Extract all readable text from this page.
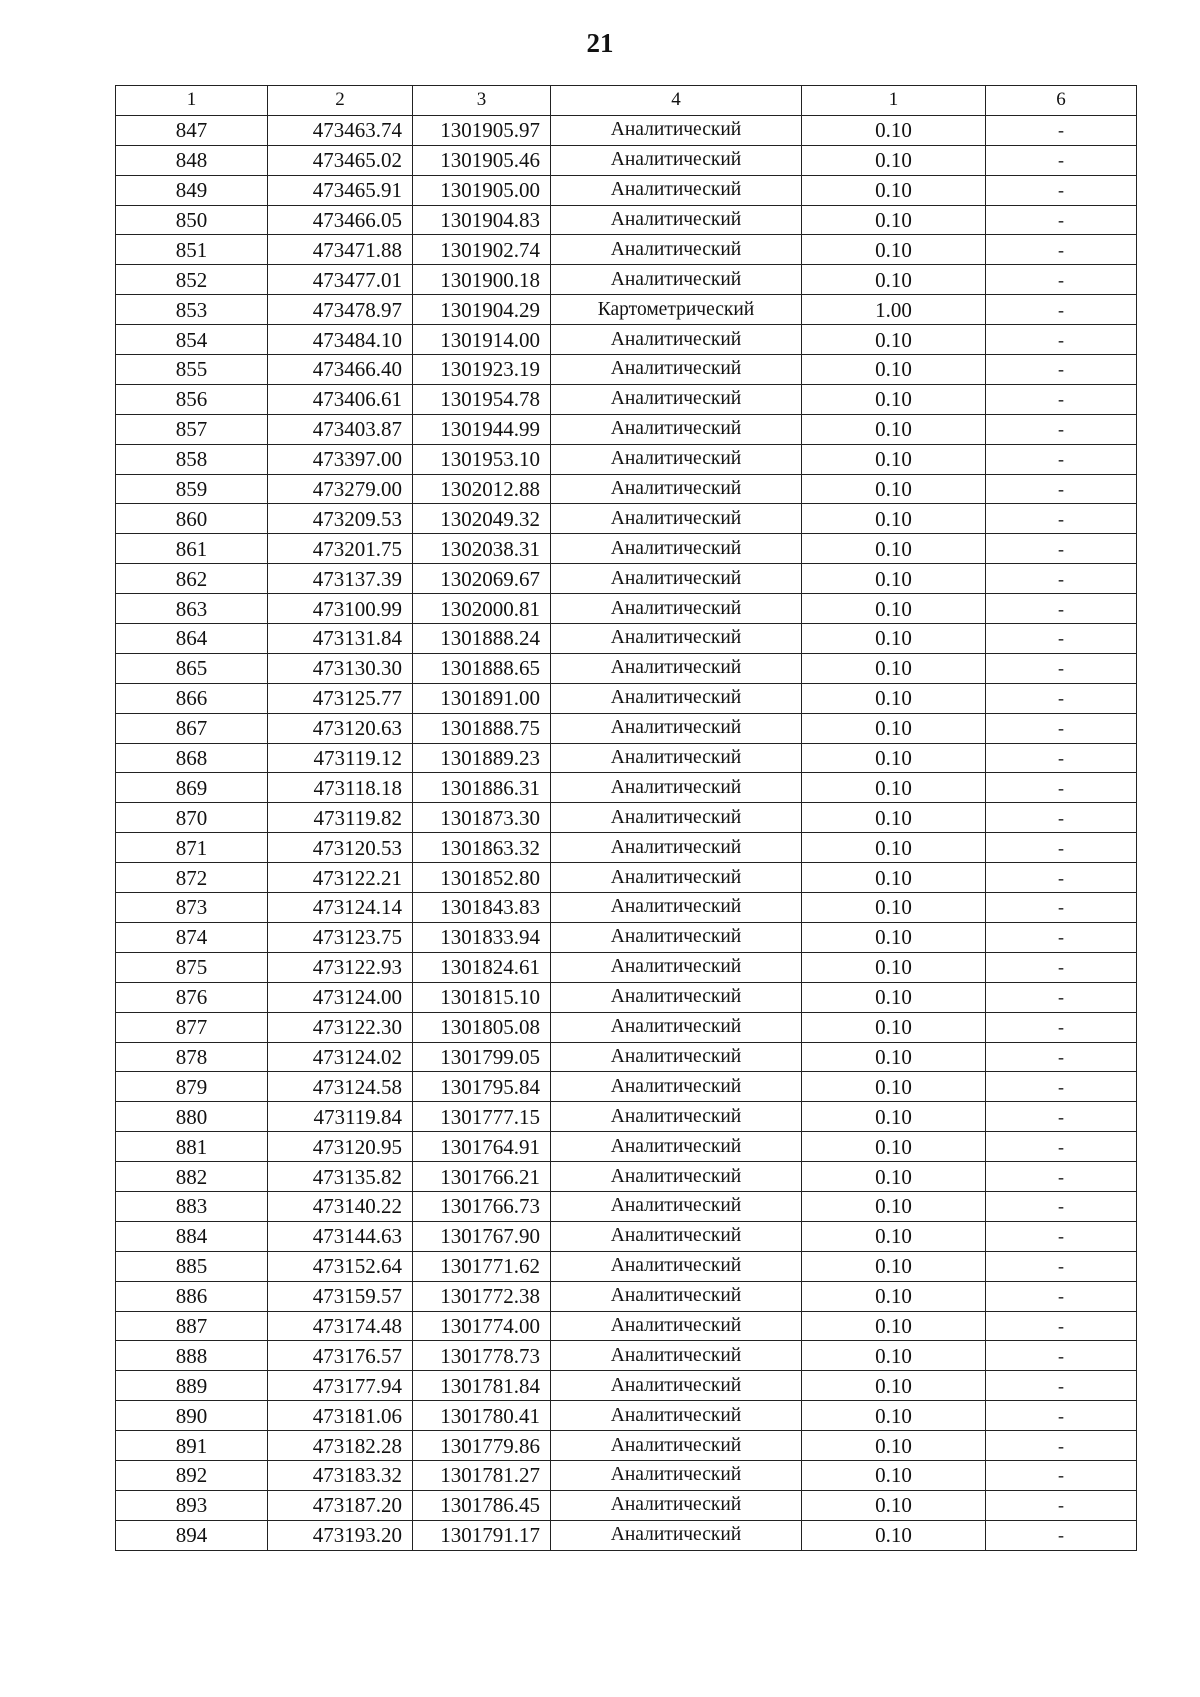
21
1	2	3	4	1	6
847	473463.74	1301905.97	Аналитический	0.10	-
848	473465.02	1301905.46	Аналитический	0.10	-
849	473465.91	1301905.00	Аналитический	0.10	-
850	473466.05	1301904.83	Аналитический	0.10	-
851	473471.88	1301902.74	Аналитический	0.10	-
852	473477.01	1301900.18	Аналитический	0.10	-
853	473478.97	1301904.29	Картометрический	1.00	-
854	473484.10	1301914.00	Аналитический	0.10	-
855	473466.40	1301923.19	Аналитический	0.10	-
856	473406.61	1301954.78	Аналитический	0.10	-
857	473403.87	1301944.99	Аналитический	0.10	-
858	473397.00	1301953.10	Аналитический	0.10	-
859	473279.00	1302012.88	Аналитический	0.10	-
860	473209.53	1302049.32	Аналитический	0.10	-
861	473201.75	1302038.31	Аналитический	0.10	-
862	473137.39	1302069.67	Аналитический	0.10	-
863	473100.99	1302000.81	Аналитический	0.10	-
864	473131.84	1301888.24	Аналитический	0.10	-
865	473130.30	1301888.65	Аналитический	0.10	-
866	473125.77	1301891.00	Аналитический	0.10	-
867	473120.63	1301888.75	Аналитический	0.10	-
868	473119.12	1301889.23	Аналитический	0.10	-
869	473118.18	1301886.31	Аналитический	0.10	-
870	473119.82	1301873.30	Аналитический	0.10	-
871	473120.53	1301863.32	Аналитический	0.10	-
872	473122.21	1301852.80	Аналитический	0.10	-
873	473124.14	1301843.83	Аналитический	0.10	-
874	473123.75	1301833.94	Аналитический	0.10	-
875	473122.93	1301824.61	Аналитический	0.10	-
876	473124.00	1301815.10	Аналитический	0.10	-
877	473122.30	1301805.08	Аналитический	0.10	-
878	473124.02	1301799.05	Аналитический	0.10	-
879	473124.58	1301795.84	Аналитический	0.10	-
880	473119.84	1301777.15	Аналитический	0.10	-
881	473120.95	1301764.91	Аналитический	0.10	-
882	473135.82	1301766.21	Аналитический	0.10	-
883	473140.22	1301766.73	Аналитический	0.10	-
884	473144.63	1301767.90	Аналитический	0.10	-
885	473152.64	1301771.62	Аналитический	0.10	-
886	473159.57	1301772.38	Аналитический	0.10	-
887	473174.48	1301774.00	Аналитический	0.10	-
888	473176.57	1301778.73	Аналитический	0.10	-
889	473177.94	1301781.84	Аналитический	0.10	-
890	473181.06	1301780.41	Аналитический	0.10	-
891	473182.28	1301779.86	Аналитический	0.10	-
892	473183.32	1301781.27	Аналитический	0.10	-
893	473187.20	1301786.45	Аналитический	0.10	-
894	473193.20	1301791.17	Аналитический	0.10	-
